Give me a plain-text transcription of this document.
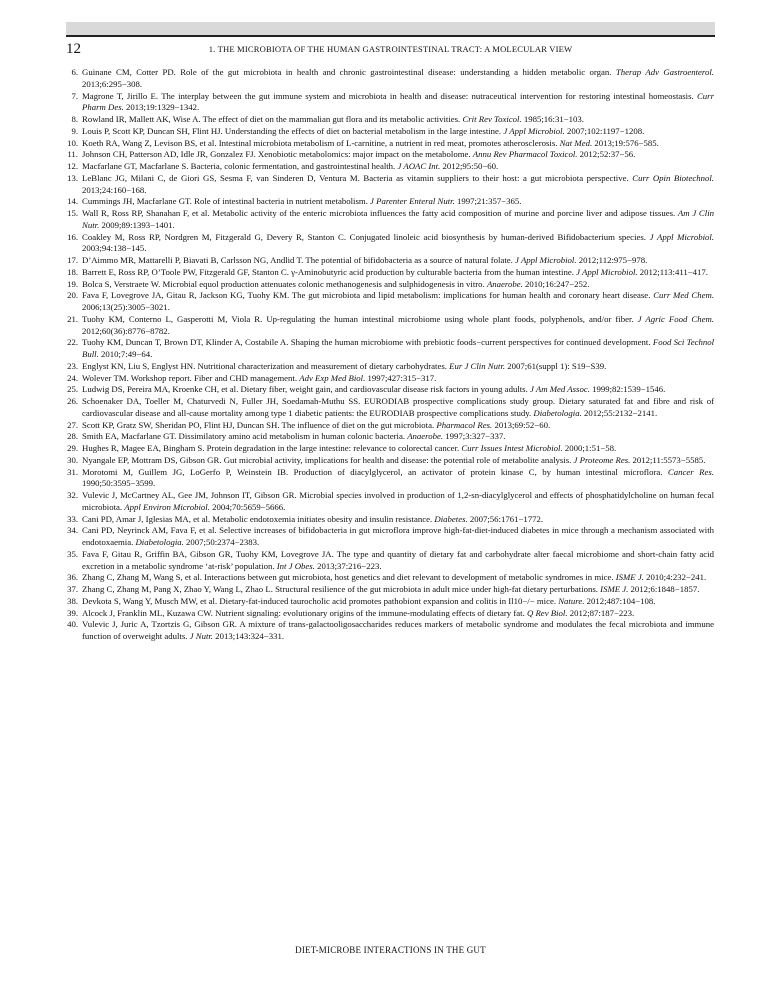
12	1. THE MICROBIOTA OF THE HUMAN GASTROINTESTINAL TRACT: A MOLECULAR VIEW
6. Guinane CM, Cotter PD. Role of the gut microbiota in health and chronic gastrointestinal disease: understanding a hidden metabolic organ. Therap Adv Gastroenterol. 2013;6:295−308.
7. Magrone T, Jirillo E. The interplay between the gut immune system and microbiota in health and disease: nutraceutical intervention for restoring intestinal homeostasis. Curr Pharm Des. 2013;19:1329−1342.
8. Rowland IR, Mallett AK, Wise A. The effect of diet on the mammalian gut flora and its metabolic activities. Crit Rev Toxicol. 1985;16:31−103.
9. Louis P, Scott KP, Duncan SH, Flint HJ. Understanding the effects of diet on bacterial metabolism in the large intestine. J Appl Microbiol. 2007;102:1197−1208.
10. Koeth RA, Wang Z, Levison BS, et al. Intestinal microbiota metabolism of L-carnitine, a nutrient in red meat, promotes atherosclerosis. Nat Med. 2013;19:576−585.
11. Johnson CH, Patterson AD, Idle JR, Gonzalez FJ. Xenobiotic metabolomics: major impact on the metabolome. Annu Rev Pharmacol Toxicol. 2012;52:37−56.
12. Macfarlane GT, Macfarlane S. Bacteria, colonic fermentation, and gastrointestinal health. J AOAC Int. 2012;95:50−60.
13. LeBlanc JG, Milani C, de Giori GS, Sesma F, van Sinderen D, Ventura M. Bacteria as vitamin suppliers to their host: a gut microbiota perspective. Curr Opin Biotechnol. 2013;24:160−168.
14. Cummings JH, Macfarlane GT. Role of intestinal bacteria in nutrient metabolism. J Parenter Enteral Nutr. 1997;21:357−365.
15. Wall R, Ross RP, Shanahan F, et al. Metabolic activity of the enteric microbiota influences the fatty acid composition of murine and porcine liver and adipose tissues. Am J Clin Nutr. 2009;89:1393−1401.
16. Coakley M, Ross RP, Nordgren M, Fitzgerald G, Devery R, Stanton C. Conjugated linoleic acid biosynthesis by human-derived Bifidobacterium species. J Appl Microbiol. 2003;94:138−145.
17. D’Aimmo MR, Mattarelli P, Biavati B, Carlsson NG, Andlid T. The potential of bifidobacteria as a source of natural folate. J Appl Microbiol. 2012;112:975−978.
18. Barrett E, Ross RP, O’Toole PW, Fitzgerald GF, Stanton C. γ-Aminobutyric acid production by culturable bacteria from the human intestine. J Appl Microbiol. 2012;113:411−417.
19. Bolca S, Verstraete W. Microbial equol production attenuates colonic methanogenesis and sulphidogenesis in vitro. Anaerobe. 2010;16:247−252.
20. Fava F, Lovegrove JA, Gitau R, Jackson KG, Tuohy KM. The gut microbiota and lipid metabolism: implications for human health and coronary heart disease. Curr Med Chem. 2006;13(25):3005−3021.
21. Tuohy KM, Conterno L, Gasperotti M, Viola R. Up-regulating the human intestinal microbiome using whole plant foods, polyphenols, and/or fiber. J Agric Food Chem. 2012;60(36):8776−8782.
22. Tuohy KM, Duncan T, Brown DT, Klinder A, Costabile A. Shaping the human microbiome with prebiotic foods−current perspectives for continued development. Food Sci Technol Bull. 2010;7:49−64.
23. Englyst KN, Liu S, Englyst HN. Nutritional characterization and measurement of dietary carbohydrates. Eur J Clin Nutr. 2007;61(suppl 1): S19−S39.
24. Wolever TM. Workshop report. Fiber and CHD management. Adv Exp Med Biol. 1997;427:315−317.
25. Ludwig DS, Pereira MA, Kroenke CH, et al. Dietary fiber, weight gain, and cardiovascular disease risk factors in young adults. J Am Med Assoc. 1999;82:1539−1546.
26. Schoenaker DA, Toeller M, Chaturvedi N, Fuller JH, Soedamah-Muthu SS. EURODIAB prospective complications study group. Dietary saturated fat and fibre and risk of cardiovascular disease and all-cause mortality among type 1 diabetic patients: the EURODIAB prospective complications study. Diabetologia. 2012;55:2132−2141.
27. Scott KP, Gratz SW, Sheridan PO, Flint HJ, Duncan SH. The influence of diet on the gut microbiota. Pharmacol Res. 2013;69:52−60.
28. Smith EA, Macfarlane GT. Dissimilatory amino acid metabolism in human colonic bacteria. Anaerobe. 1997;3:327−337.
29. Hughes R, Magee EA, Bingham S. Protein degradation in the large intestine: relevance to colorectal cancer. Curr Issues Intest Microbiol. 2000;1:51−58.
30. Nyangale EP, Mottram DS, Gibson GR. Gut microbial activity, implications for health and disease: the potential role of metabolite analysis. J Proteome Res. 2012;11:5573−5585.
31. Morotomi M, Guillem JG, LoGerfo P, Weinstein IB. Production of diacylglycerol, an activator of protein kinase C, by human intestinal microflora. Cancer Res. 1990;50:3595−3599.
32. Vulevic J, McCartney AL, Gee JM, Johnson IT, Gibson GR. Microbial species involved in production of 1,2-sn-diacylglycerol and effects of phosphatidylcholine on human fecal microbiota. Appl Environ Microbiol. 2004;70:5659−5666.
33. Cani PD, Amar J, Iglesias MA, et al. Metabolic endotoxemia initiates obesity and insulin resistance. Diabetes. 2007;56:1761−1772.
34. Cani PD, Neyrinck AM, Fava F, et al. Selective increases of bifidobacteria in gut microflora improve high-fat-diet-induced diabetes in mice through a mechanism associated with endotoxaemia. Diabetologia. 2007;50:2374−2383.
35. Fava F, Gitau R, Griffin BA, Gibson GR, Tuohy KM, Lovegrove JA. The type and quantity of dietary fat and carbohydrate alter faecal microbiome and short-chain fatty acid excretion in a metabolic syndrome ‘at-risk’ population. Int J Obes. 2013;37:216−223.
36. Zhang C, Zhang M, Wang S, et al. Interactions between gut microbiota, host genetics and diet relevant to development of metabolic syndromes in mice. ISME J. 2010;4:232−241.
37. Zhang C, Zhang M, Pang X, Zhao Y, Wang L, Zhao L. Structural resilience of the gut microbiota in adult mice under high-fat dietary perturbations. ISME J. 2012;6:1848−1857.
38. Devkota S, Wang Y, Musch MW, et al. Dietary-fat-induced taurocholic acid promotes pathobiont expansion and colitis in Il10−/− mice. Nature. 2012;487:104−108.
39. Alcock J, Franklin ML, Kuzawa CW. Nutrient signaling: evolutionary origins of the immune-modulating effects of dietary fat. Q Rev Biol. 2012;87:187−223.
40. Vulevic J, Juric A, Tzortzis G, Gibson GR. A mixture of trans-galactooligosaccharides reduces markers of metabolic syndrome and modulates the fecal microbiota and immune function of overweight adults. J Nutr. 2013;143:324−331.
DIET-MICROBE INTERACTIONS IN THE GUT
